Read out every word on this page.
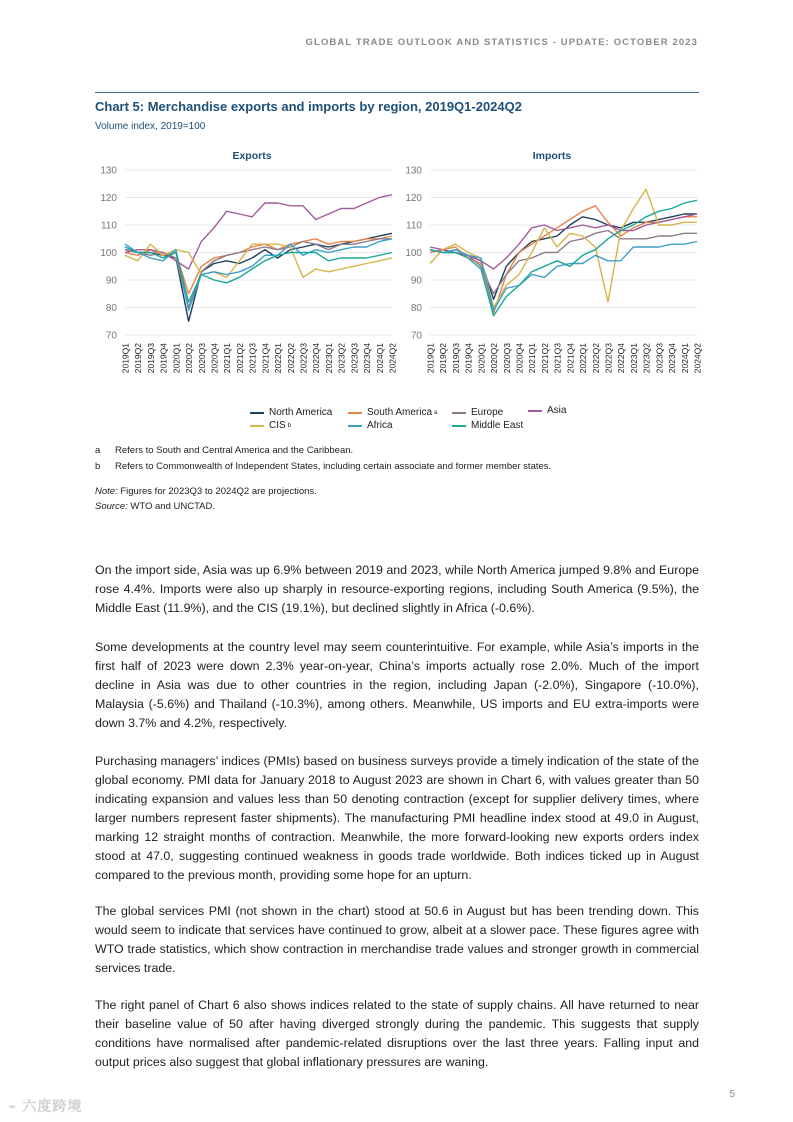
GLOBAL TRADE OUTLOOK AND STATISTICS - UPDATE: OCTOBER 2023
Chart 5: Merchandise exports and imports by region, 2019Q1-2024Q2
Volume index, 2019=100
Exports	Imports
70
80
90
100
110
120
130
2019Q1 2019Q2 2019Q3 2019Q4 2020Q1 2020Q2 2020Q3 2020Q4 2021Q1 2021Q2 2021Q3 2021Q4 2022Q1 2022Q2 2022Q3 2022Q4 2023Q1 2023Q2 2023Q3 2023Q4 2024Q1 2024Q2
70
80
90
100
110
120
130
2019Q1 2019Q2 2019Q3 2019Q4 2020Q1 2020Q2 2020Q3 2020Q4 2021Q1 2021Q2 2021Q3 2021Q4 2022Q1 2022Q2 2022Q3 2022Q4 2023Q1 2023Q2 2023Q3 2023Q4 2024Q1 2024Q2
North America	South America a	Europe	Asia
CIS b	Africa	Middle East
a Refers to South and Central America and the Caribbean.
b Refers to Commonwealth of Independent States, including certain associate and former member states.
Note: Figures for 2023Q3 to 2024Q2 are projections.
Source: WTO and UNCTAD.

On the import side, Asia was up 6.9% between 2019 and 2023, while North America jumped 9.8% and Europe rose 4.4%. Imports were also up sharply in resource-exporting regions, including South America (9.5%), the Middle East (11.9%), and the CIS (19.1%), but declined slightly in Africa (-0.6%).

Some developments at the country level may seem counterintuitive. For example, while Asia’s imports in the first half of 2023 were down 2.3% year-on-year, China’s imports actually rose 2.0%. Much of the import decline in Asia was due to other countries in the region, including Japan (-2.0%), Singapore (-10.0%), Malaysia (-5.6%) and Thailand (-10.3%), among others. Meanwhile, US imports and EU extra-imports were down 3.7% and 4.2%, respectively.

Purchasing managers’ indices (PMIs) based on business surveys provide a timely indication of the state of the global economy. PMI data for January 2018 to August 2023 are shown in Chart 6, with values greater than 50 indicating expansion and values less than 50 denoting contraction (except for supplier delivery times, where larger numbers represent faster shipments). The manufacturing PMI headline index stood at 49.0 in August, marking 12 straight months of contraction. Meanwhile, the more forward-looking new exports orders index stood at 47.0, suggesting continued weakness in goods trade worldwide. Both indices ticked up in August compared to the previous month, providing some hope for an upturn.

The global services PMI (not shown in the chart) stood at 50.6 in August but has been trending down. This would seem to indicate that services have continued to grow, albeit at a slower pace. These figures agree with WTO trade statistics, which show contraction in merchandise trade values and stronger growth in commercial services trade.

The right panel of Chart 6 also shows indices related to the state of supply chains. All have returned to near their baseline value of 50 after having diverged strongly during the pandemic. This suggests that supply conditions have normalised after pandemic-related disruptions over the last three years. Falling input and output prices also suggest that global inflationary pressures are waning.

5
⌁ 六度跨境
